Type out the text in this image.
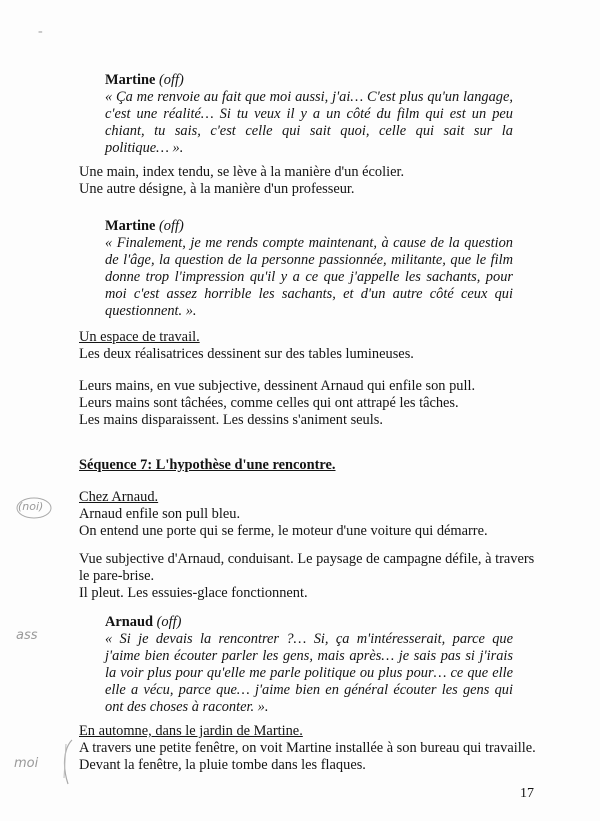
-
Martine (off)
« Ça me renvoie au fait que moi aussi, j'ai… C'est plus qu'un langage,
c'est une réalité… Si tu veux il y a un côté du film qui est un peu
chiant, tu sais, c'est celle qui sait quoi, celle qui sait sur la
politique… ».
Une main, index tendu, se lève à la manière d'un écolier.
Une autre désigne, à la manière d'un professeur.
Martine (off)
« Finalement, je me rends compte maintenant, à cause de la question
de l'âge, la question de la personne passionnée, militante, que le film
donne trop l'impression qu'il y a ce que j'appelle les sachants, pour
moi c'est assez horrible les sachants, et d'un autre côté ceux qui
questionnent. ».
Un espace de travail.
Les deux réalisatrices dessinent sur des tables lumineuses.
Leurs mains, en vue subjective, dessinent Arnaud qui enfile son pull.
Leurs mains sont tâchées, comme celles qui ont attrapé les tâches.
Les mains disparaissent. Les dessins s'animent seuls.
Séquence 7: L'hypothèse d'une rencontre.
Chez Arnaud.
Arnaud enfile son pull bleu.
On entend une porte qui se ferme, le moteur d'une voiture qui démarre.
Vue subjective d'Arnaud, conduisant. Le paysage de campagne défile, à travers
le pare-brise.
Il pleut. Les essuies-glace fonctionnent.
Arnaud (off)
« Si je devais la rencontrer ?… Si, ça m'intéresserait, parce que
j'aime bien écouter parler les gens, mais après… je sais pas si j'irais
la voir plus pour qu'elle me parle politique ou plus pour… ce que elle
elle a vécu, parce que… j'aime bien en général écouter les gens qui
ont des choses à raconter. ».
En automne, dans le jardin de Martine.
A travers une petite fenêtre, on voit Martine installée à son bureau qui travaille.
Devant la fenêtre, la pluie tombe dans les flaques.
(noi)
ass
moi
17
